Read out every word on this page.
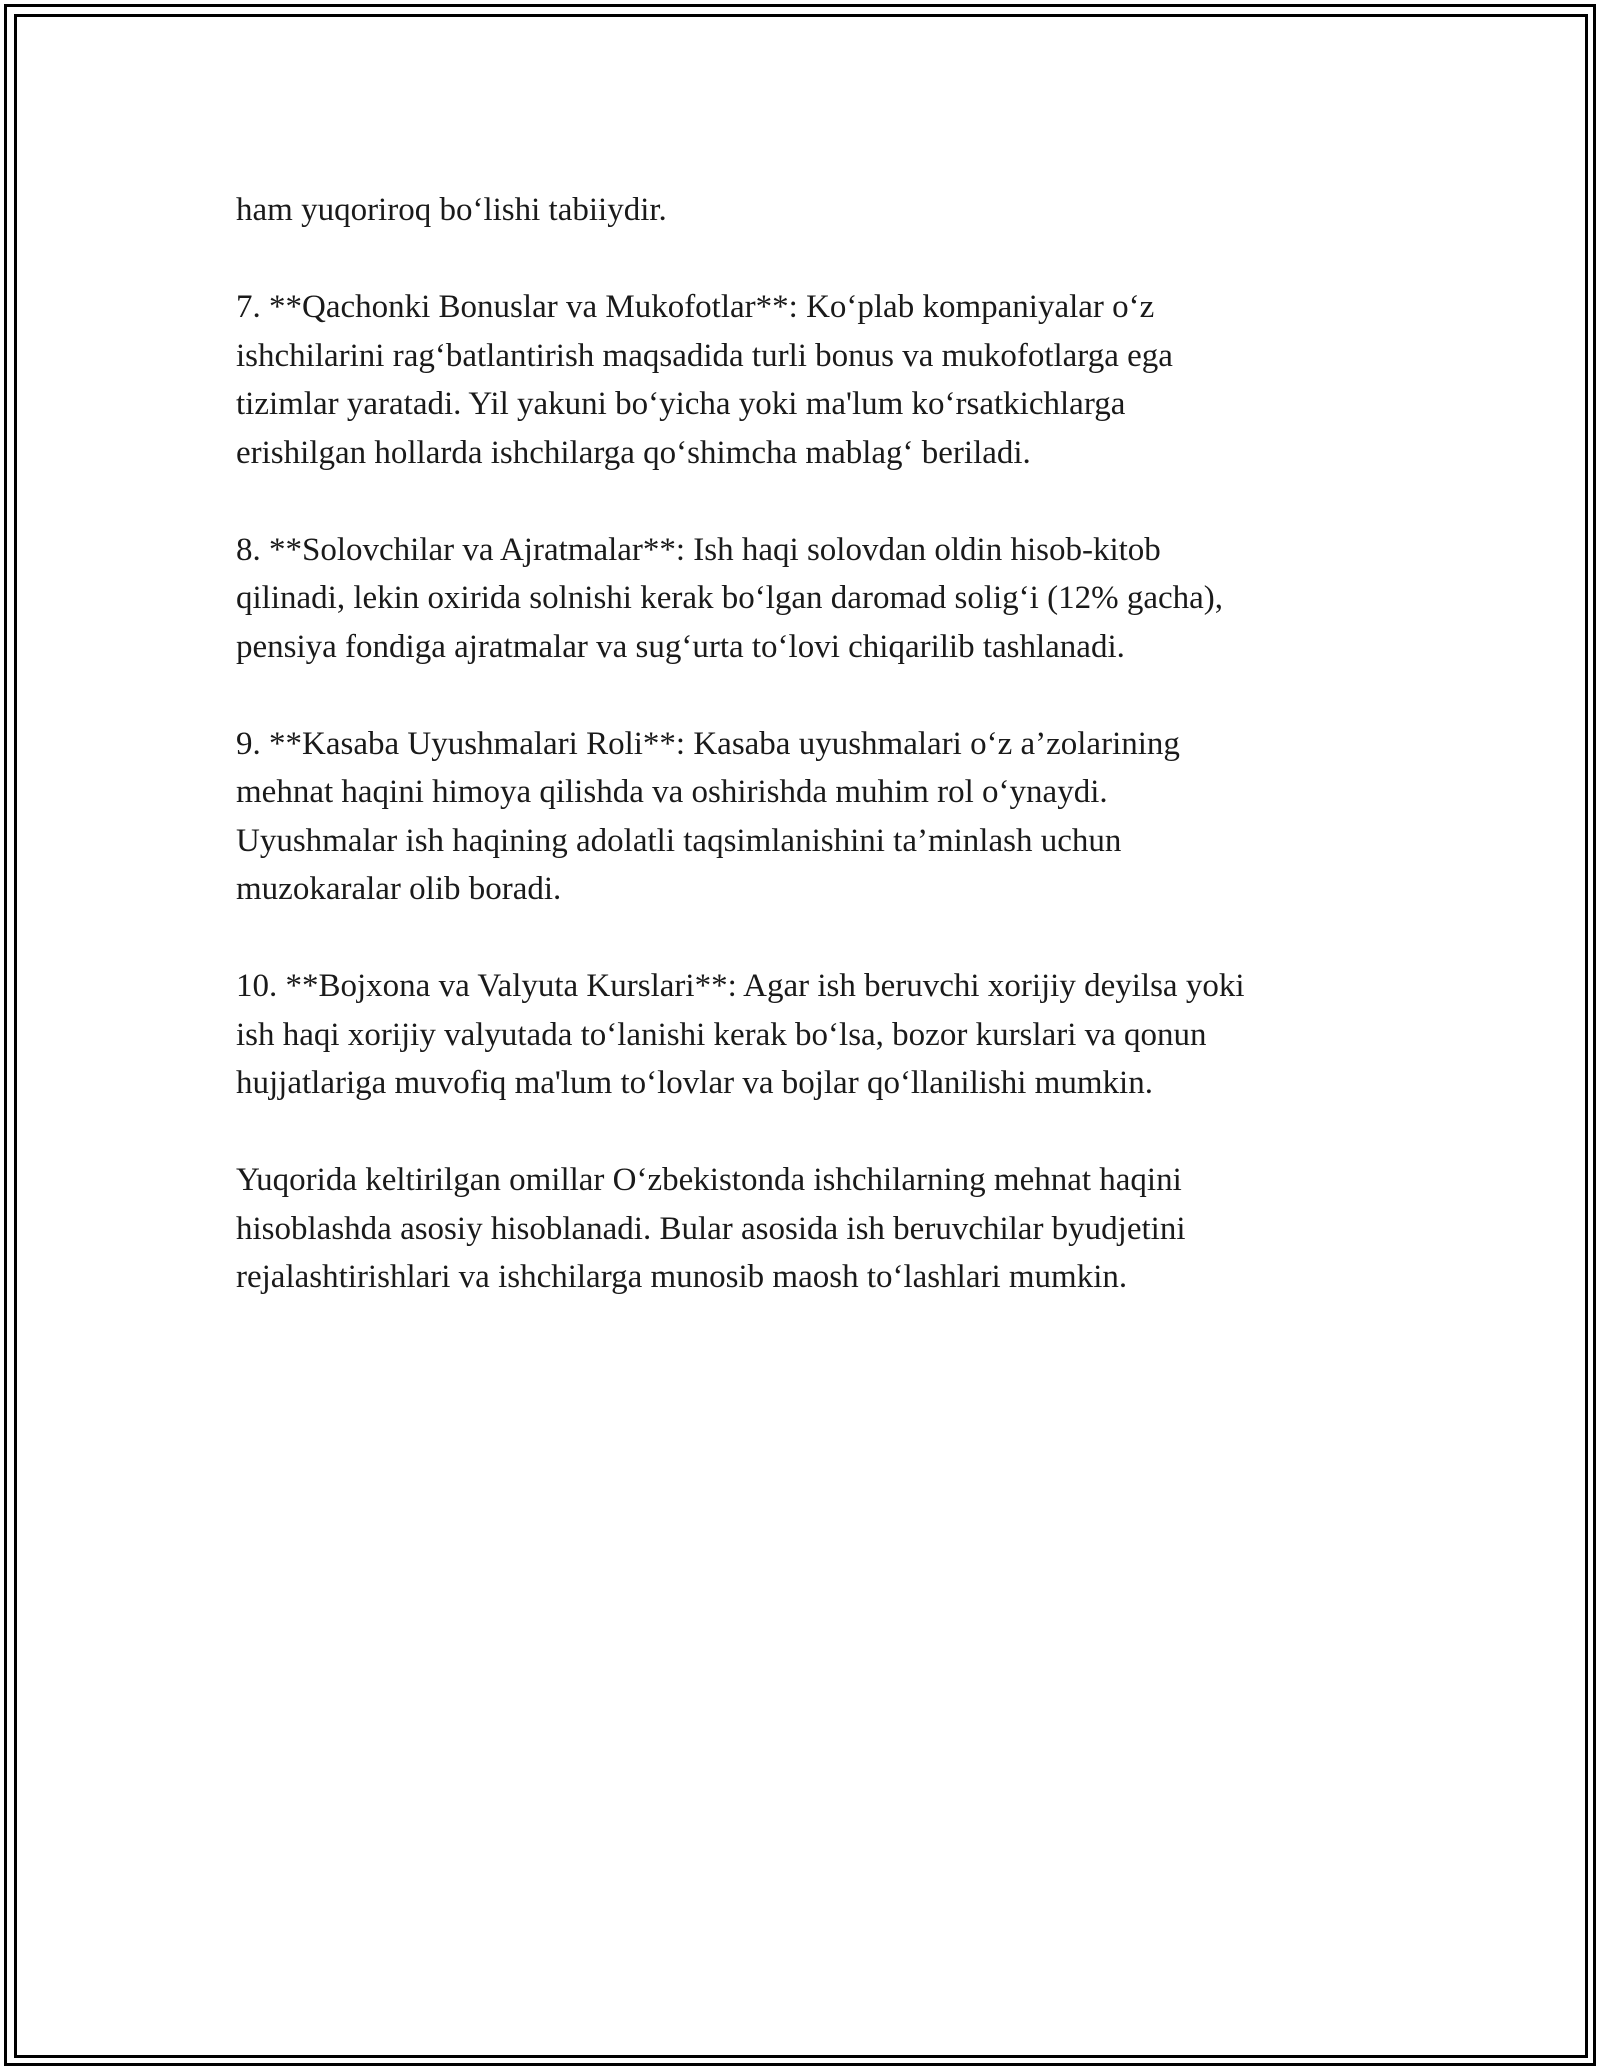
ham yuqoriroq bo‘lishi tabiiydir.

7. **Qachonki Bonuslar va Mukofotlar**: Ko‘plab kompaniyalar o‘z
ishchilarini rag‘batlantirish maqsadida turli bonus va mukofotlarga ega
tizimlar yaratadi. Yil yakuni bo‘yicha yoki ma'lum ko‘rsatkichlarga
erishilgan hollarda ishchilarga qo‘shimcha mablag‘ beriladi.

8. **Solovchilar va Ajratmalar**: Ish haqi solovdan oldin hisob-kitob
qilinadi, lekin oxirida solnishi kerak bo‘lgan daromad solig‘i (12% gacha),
pensiya fondiga ajratmalar va sug‘urta to‘lovi chiqarilib tashlanadi.

9. **Kasaba Uyushmalari Roli**: Kasaba uyushmalari o‘z a’zolarining
mehnat haqini himoya qilishda va oshirishda muhim rol o‘ynaydi.
Uyushmalar ish haqining adolatli taqsimlanishini ta’minlash uchun
muzokaralar olib boradi.

10. **Bojxona va Valyuta Kurslari**: Agar ish beruvchi xorijiy deyilsa yoki
ish haqi xorijiy valyutada to‘lanishi kerak bo‘lsa, bozor kurslari va qonun
hujjatlariga muvofiq ma'lum to‘lovlar va bojlar qo‘llanilishi mumkin.

Yuqorida keltirilgan omillar O‘zbekistonda ishchilarning mehnat haqini
hisoblashda asosiy hisoblanadi. Bular asosida ish beruvchilar byudjetini
rejalashtirishlari va ishchilarga munosib maosh to‘lashlari mumkin.
